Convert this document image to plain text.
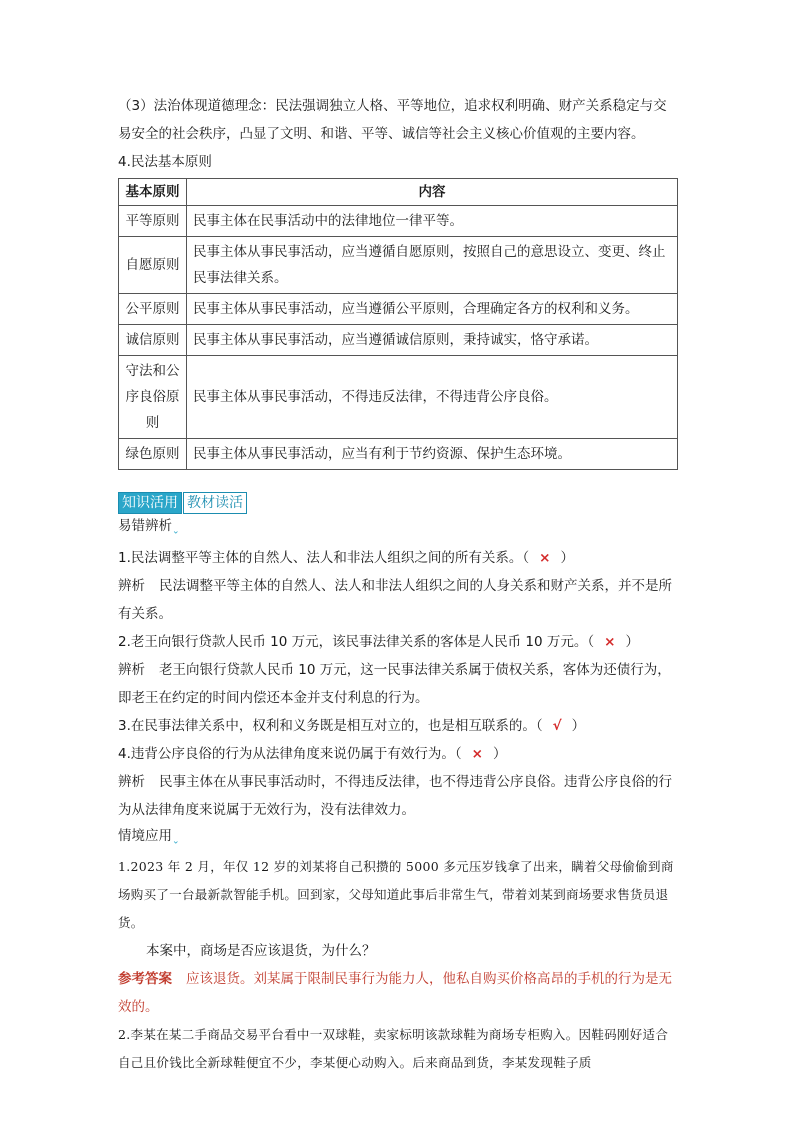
（3）法治体现道德理念：民法强调独立人格、平等地位，追求权利明确、财产关系稳定与交易安全的社会秩序，凸显了文明、和谐、平等、诚信等社会主义核心价值观的主要内容。

4.民法基本原则

基本原则	内容
平等原则	民事主体在民事活动中的法律地位一律平等。
自愿原则	民事主体从事民事活动，应当遵循自愿原则，按照自己的意思设立、变更、终止民事法律关系。
公平原则	民事主体从事民事活动，应当遵循公平原则，合理确定各方的权利和义务。
诚信原则	民事主体从事民事活动，应当遵循诚信原则，秉持诚实，恪守承诺。
守法和公序良俗原则	民事主体从事民事活动，不得违反法律，不得违背公序良俗。
绿色原则	民事主体从事民事活动，应当有利于节约资源、保护生态环境。
知识活用 教材读活

易错辨析$_⌄$

1.民法调整平等主体的自然人、法人和非法人组织之间的所有关系。（ × ）

辨析 民法调整平等主体的自然人、法人和非法人组织之间的人身关系和财产关系，并不是所有关系。

2.老王向银行贷款人民币 10 万元，该民事法律关系的客体是人民币 10 万元。（ × ）

辨析 老王向银行贷款人民币 10 万元，这一民事法律关系属于债权关系，客体为还债行为，即老王在约定的时间内偿还本金并支付利息的行为。

3.在民事法律关系中，权利和义务既是相互对立的，也是相互联系的。（ √ ）

4.违背公序良俗的行为从法律角度来说仍属于有效行为。（ × ）

辨析 民事主体在从事民事活动时，不得违反法律，也不得违背公序良俗。违背公序良俗的行为从法律角度来说属于无效行为，没有法律效力。

情境应用$_⌄$

1.2023 年 2 月，年仅 12 岁的刘某将自己积攒的 5000 多元压岁钱拿了出来，瞒着父母偷偷到商场购买了一台最新款智能手机。回到家，父母知道此事后非常生气，带着刘某到商场要求售货员退货。

本案中，商场是否应该退货，为什么？

参考答案 应该退货。刘某属于限制民事行为能力人，他私自购买价格高昂的手机的行为是无效的。

2.李某在某二手商品交易平台看中一双球鞋，卖家标明该款球鞋为商场专柜购入。因鞋码刚好适合自己且价钱比全新球鞋便宜不少，李某便心动购入。后来商品到货，李某发现鞋子质
